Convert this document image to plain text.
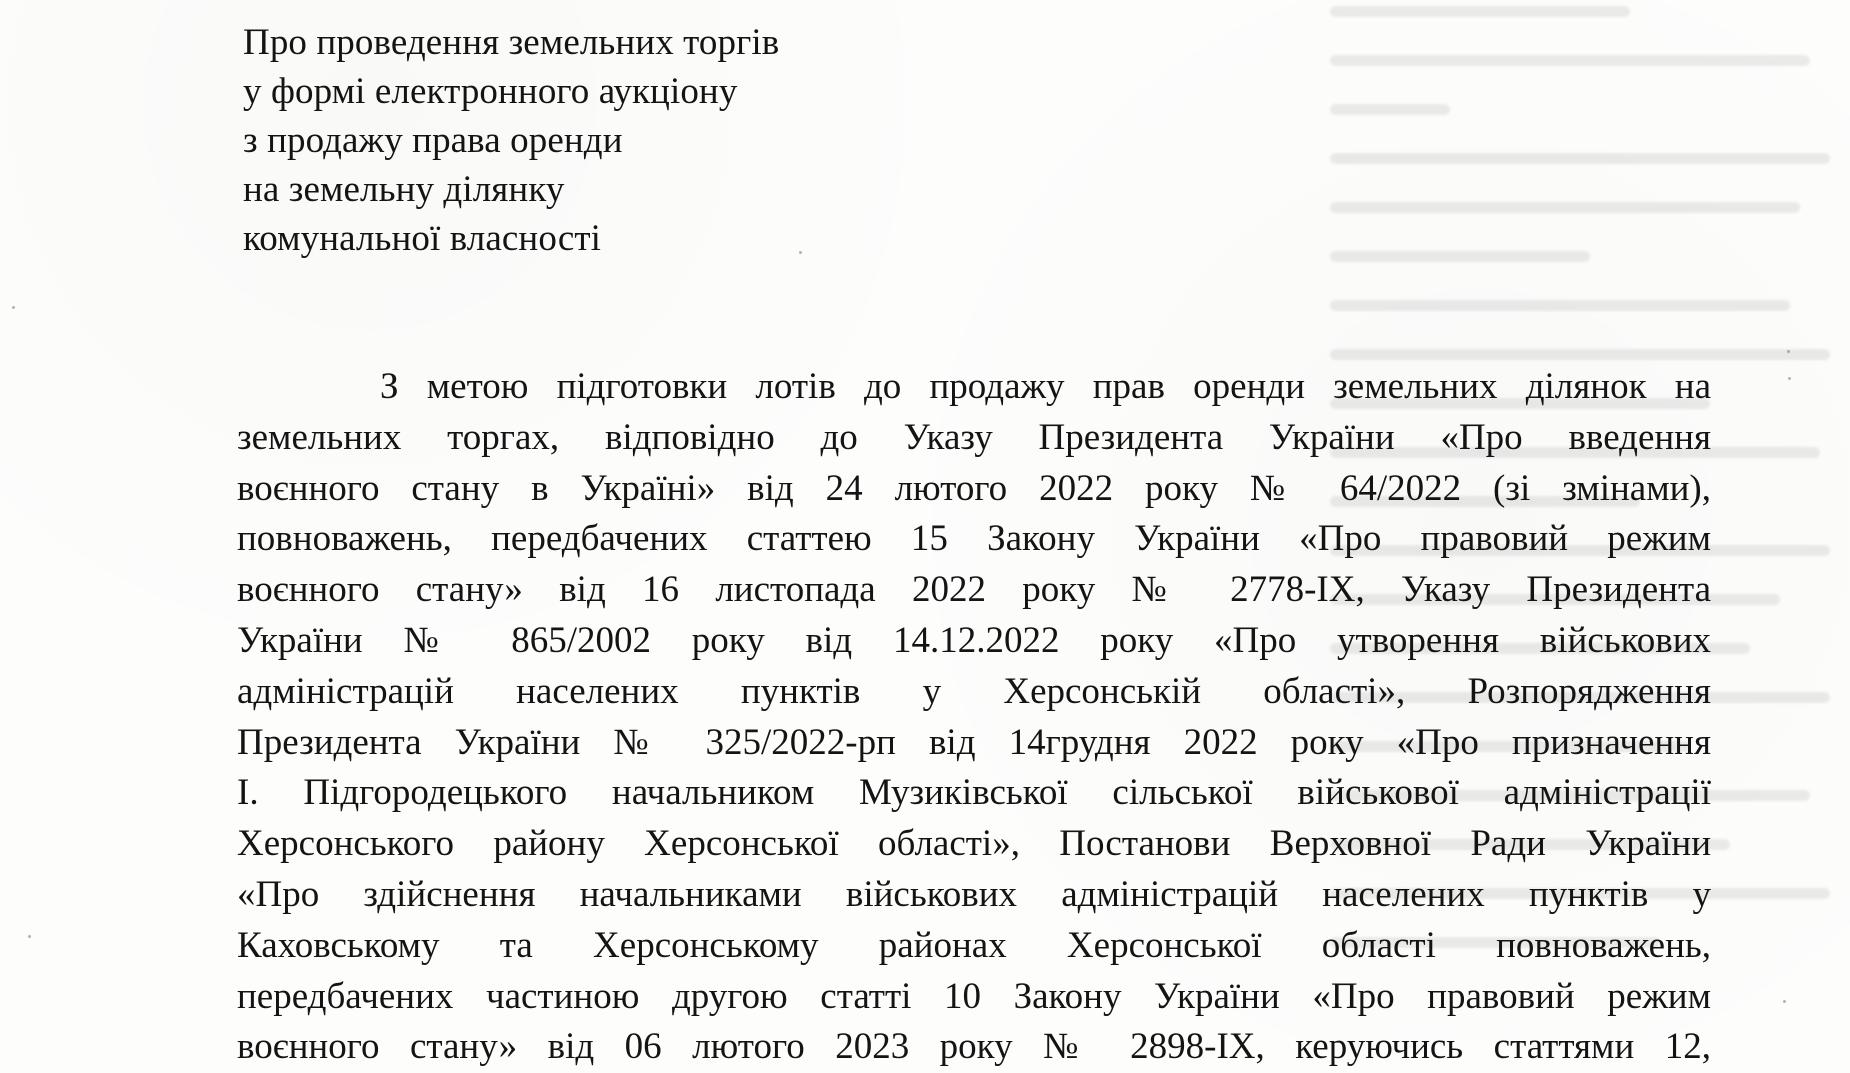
Про проведення земельних торгів
у формі електронного аукціону
з продажу права оренди
на земельну ділянку
комунальної власності
З метою підготовки лотів до продажу прав оренди земельних ділянок на
земельних торгах, відповідно до Указу Президента України «Про введення
воєнного стану в Україні» від 24 лютого 2022 року № 64/2022 (зі змінами),
повноважень, передбачених статтею 15 Закону України «Про правовий режим
воєнного стану» від 16 листопада 2022 року № 2778-IX, Указу Президента
України № 865/2002 року від 14.12.2022 року «Про утворення військових
адміністрацій населених пунктів у Херсонській області», Розпорядження
Президента України № 325/2022-рп від 14грудня 2022 року «Про призначення
І. Підгородецького начальником Музиківської сільської військової адміністрації
Херсонського району Херсонської області», Постанови Верховної Ради України
«Про здійснення начальниками військових адміністрацій населених пунктів у
Каховському та Херсонському районах Херсонської області повноважень,
передбачених частиною другою статті 10 Закону України «Про правовий режим
воєнного стану» від 06 лютого 2023 року № 2898-IX, керуючись статтями 12,
